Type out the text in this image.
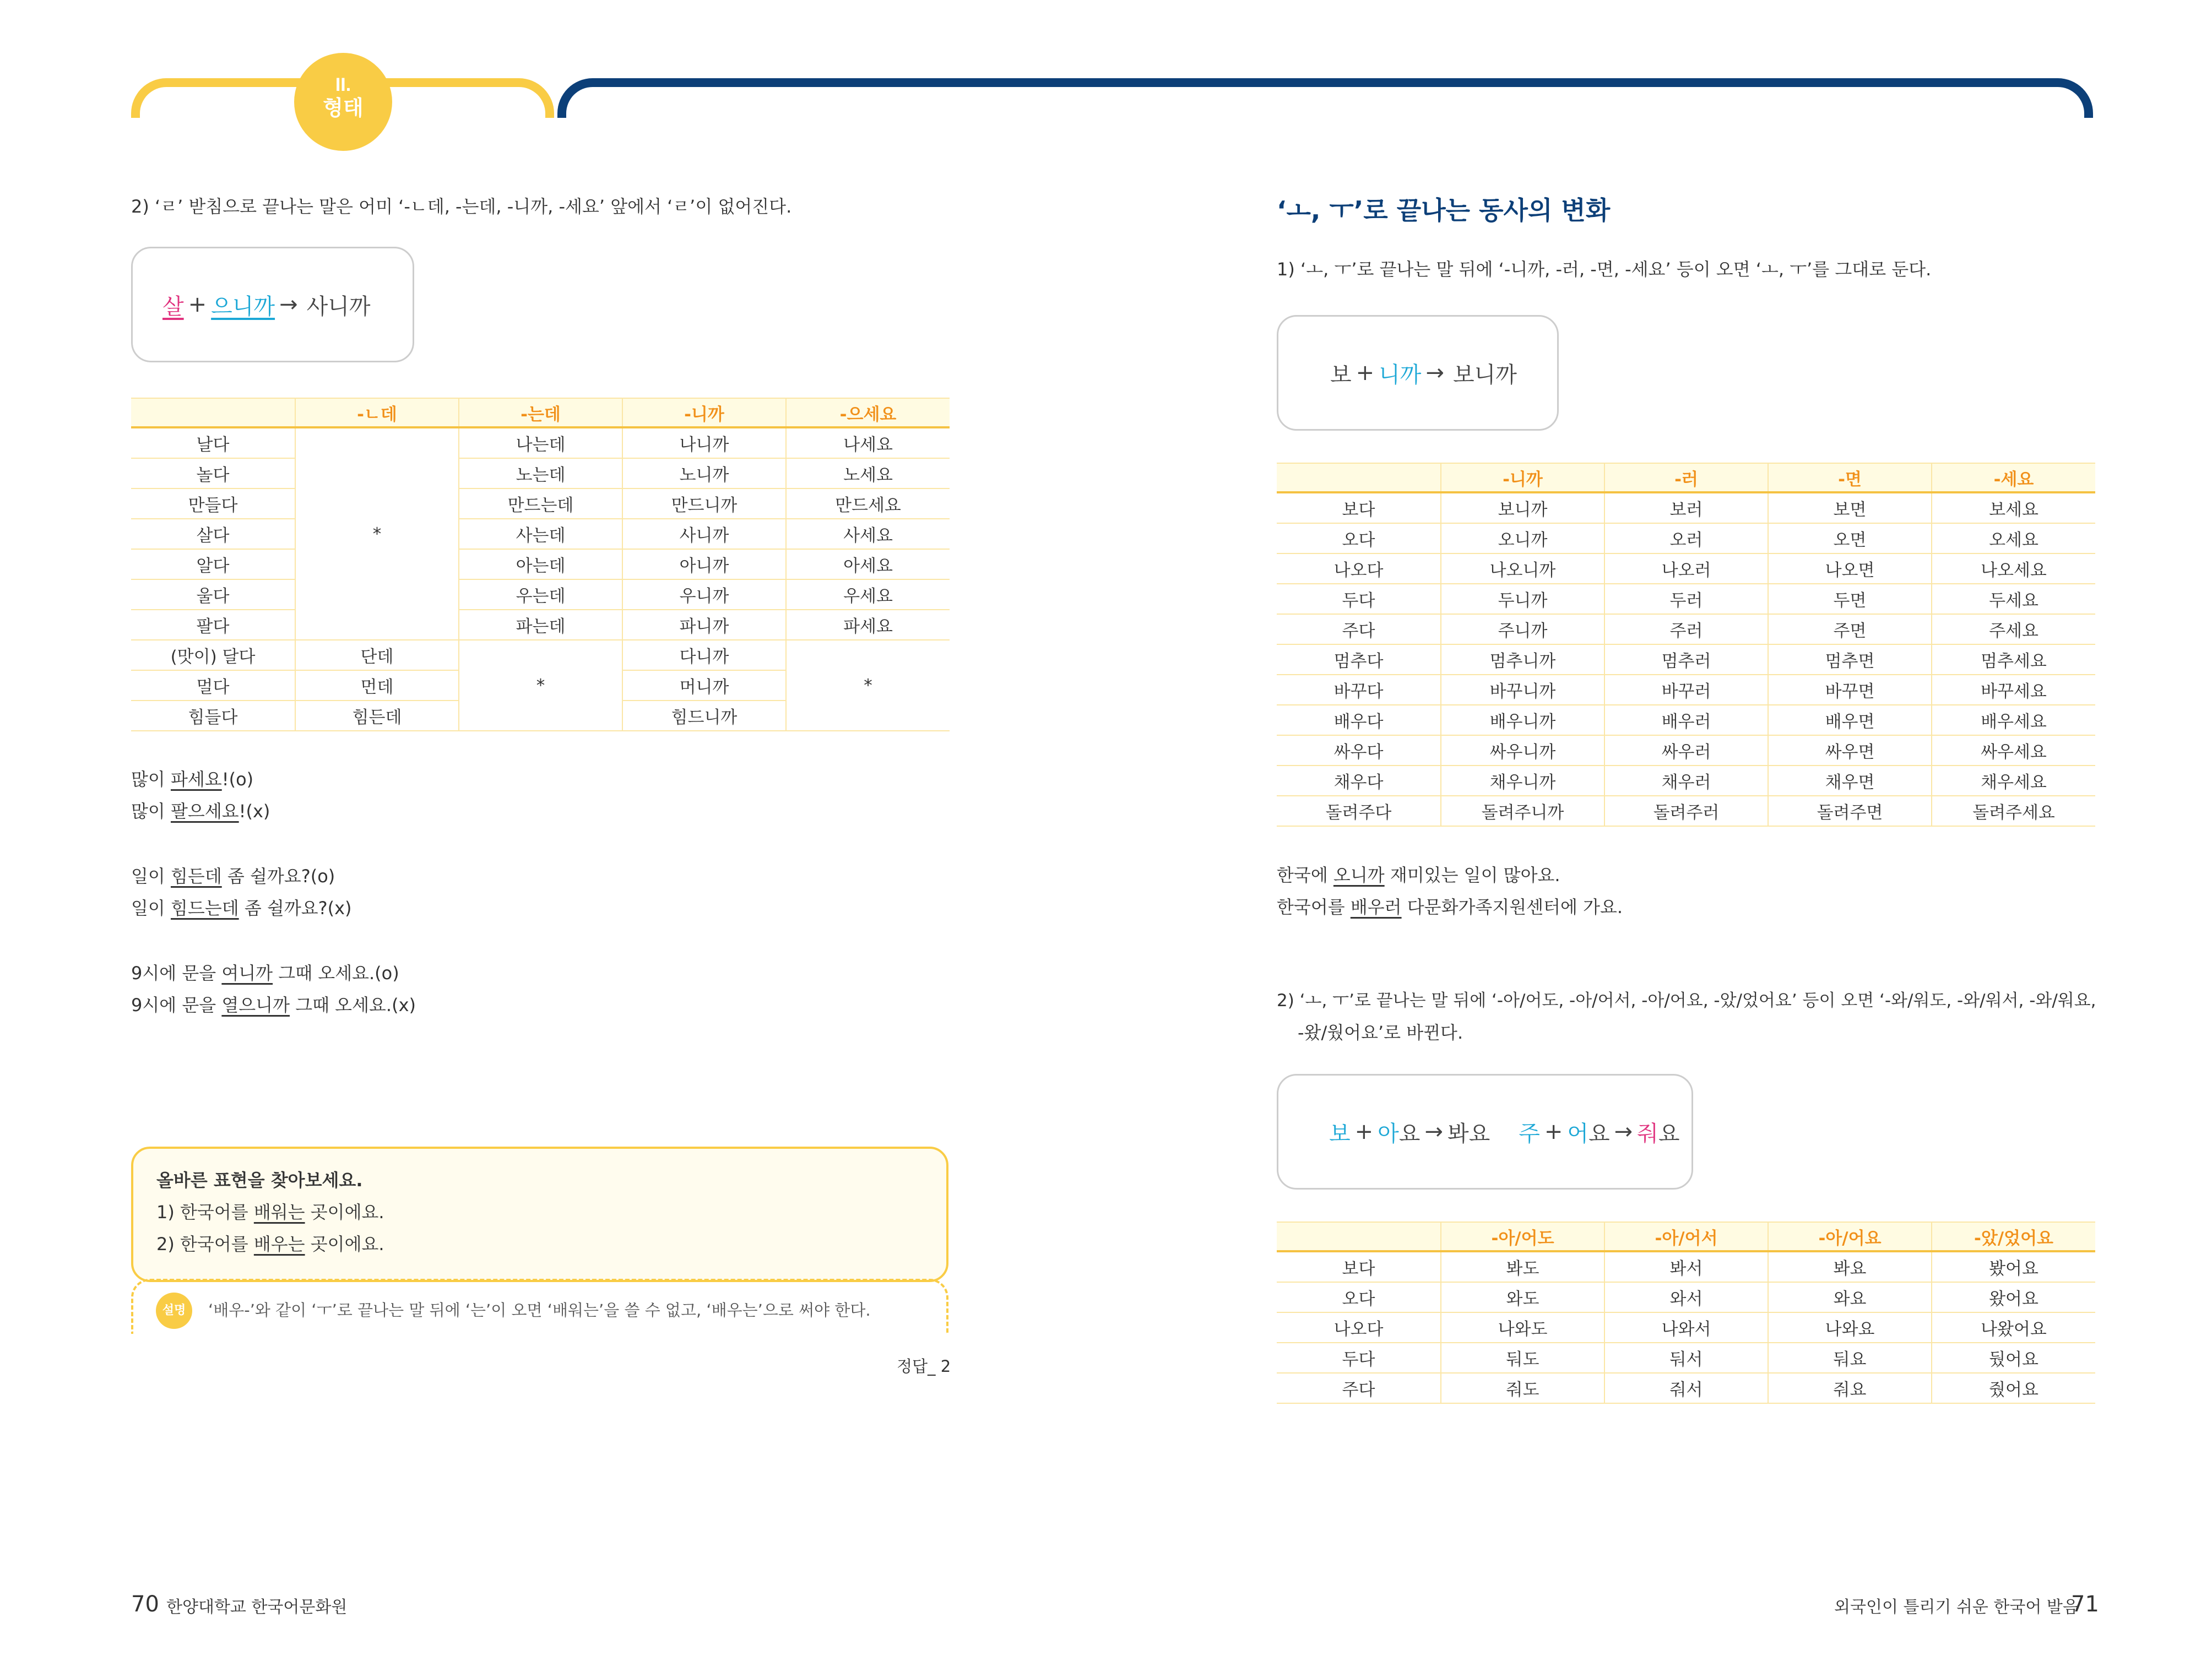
II.
형태
2) ‘ㄹ’ 받침으로 끝나는 말은 어미 ‘-ㄴ데, -는데, -니까, -세요’ 앞에서 ‘ㄹ’이 없어진다.
살 + 으니까 → 사니까
	-ㄴ데	-는데	-니까	-으세요
날다	*	나는데	나니까	나세요
놀다		노는데	노니까	노세요
만들다		만드는데	만드니까	만드세요
살다		사는데	사니까	사세요
알다		아는데	아니까	아세요
울다		우는데	우니까	우세요
팔다		파는데	파니까	파세요
(맛이) 달다	단데	*	다니까	*
멀다	먼데		머니까	
힘들다	힘든데		힘드니까	
많이 파세요!(o)
많이 팔으세요!(x)
일이 힘든데 좀 쉴까요?(o)
일이 힘드는데 좀 쉴까요?(x)
9시에 문을 여니까 그때 오세요.(o)
9시에 문을 열으니까 그때 오세요.(x)
올바른 표현을 찾아보세요.
1) 한국어를 배워는 곳이에요.
2) 한국어를 배우는 곳이에요.
설명	‘배우-’와 같이 ‘ㅜ’로 끝나는 말 뒤에 ‘는’이 오면 ‘배워는’을 쓸 수 없고, ‘배우는’으로 써야 한다.
정답_ 2
70 한양대학교 한국어문화원
‘ㅗ, ㅜ’로 끝나는 동사의 변화
1) ‘ㅗ, ㅜ’로 끝나는 말 뒤에 ‘-니까, -러, -면, -세요’ 등이 오면 ‘ㅗ, ㅜ’를 그대로 둔다.
보 + 니까 → 보니까
	-니까	-러	-면	-세요
보다	보니까	보러	보면	보세요
오다	오니까	오러	오면	오세요
나오다	나오니까	나오러	나오면	나오세요
두다	두니까	두러	두면	두세요
주다	주니까	주러	주면	주세요
멈추다	멈추니까	멈추러	멈추면	멈추세요
바꾸다	바꾸니까	바꾸러	바꾸면	바꾸세요
배우다	배우니까	배우러	배우면	배우세요
싸우다	싸우니까	싸우러	싸우면	싸우세요
채우다	채우니까	채우러	채우면	채우세요
돌려주다	돌려주니까	돌려주러	돌려주면	돌려주세요
한국에 오니까 재미있는 일이 많아요.
한국어를 배우러 다문화가족지원센터에 가요.
2) ‘ㅗ, ㅜ’로 끝나는 말 뒤에 ‘-아/어도, -아/어서, -아/어요, -았/었어요’ 등이 오면 ‘-와/워도, -와/워서, -와/워요,
-왔/웠어요’로 바뀐다.
보 + 아 요 → 봐 요 주 + 어 요 → 줘 요
	-아/어도	-아/어서	-아/어요	-았/었어요
보다	봐도	봐서	봐요	봤어요
오다	와도	와서	와요	왔어요
나오다	나와도	나와서	나와요	나왔어요
두다	둬도	둬서	둬요	뒀어요
주다	줘도	줘서	줘요	줬어요
외국인이 틀리기 쉬운 한국어 발음
71
